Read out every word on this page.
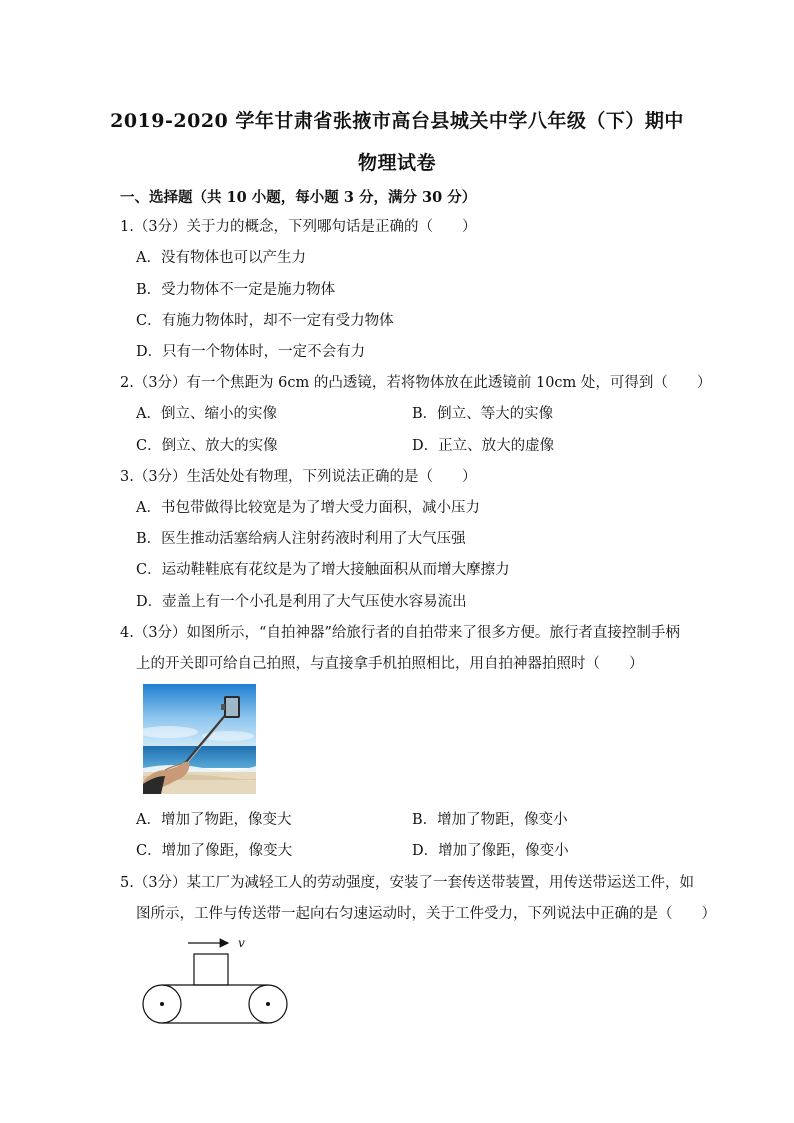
2019-2020 学年甘肃省张掖市高台县城关中学八年级（下）期中
物理试卷
一、选择题（共 10 小题，每小题 3 分，满分 30 分）
1.（3分）关于力的概念，下列哪句话是正确的（　　）
A．没有物体也可以产生力
B．受力物体不一定是施力物体
C．有施力物体时，却不一定有受力物体
D．只有一个物体时，一定不会有力
2.（3分）有一个焦距为 6cm 的凸透镜，若将物体放在此透镜前 10cm 处，可得到（　　）
A．倒立、缩小的实像	B．倒立、等大的实像
C．倒立、放大的实像	D．正立、放大的虚像
3.（3分）生活处处有物理，下列说法正确的是（　　）
A．书包带做得比较宽是为了增大受力面积，减小压力
B．医生推动活塞给病人注射药液时利用了大气压强
C．运动鞋鞋底有花纹是为了增大接触面积从而增大摩擦力
D．壶盖上有一个小孔是利用了大气压使水容易流出
4.（3分）如图所示，“自拍神器”给旅行者的自拍带来了很多方便。旅行者直接控制手柄
上的开关即可给自己拍照，与直接拿手机拍照相比，用自拍神器拍照时（　　）
A．增加了物距，像变大	B．增加了物距，像变小
C．增加了像距，像变大	D．增加了像距，像变小
5.（3分）某工厂为减轻工人的劳动强度，安装了一套传送带装置，用传送带运送工件，如
图所示，工件与传送带一起向右匀速运动时，关于工件受力，下列说法中正确的是（　　）
v
